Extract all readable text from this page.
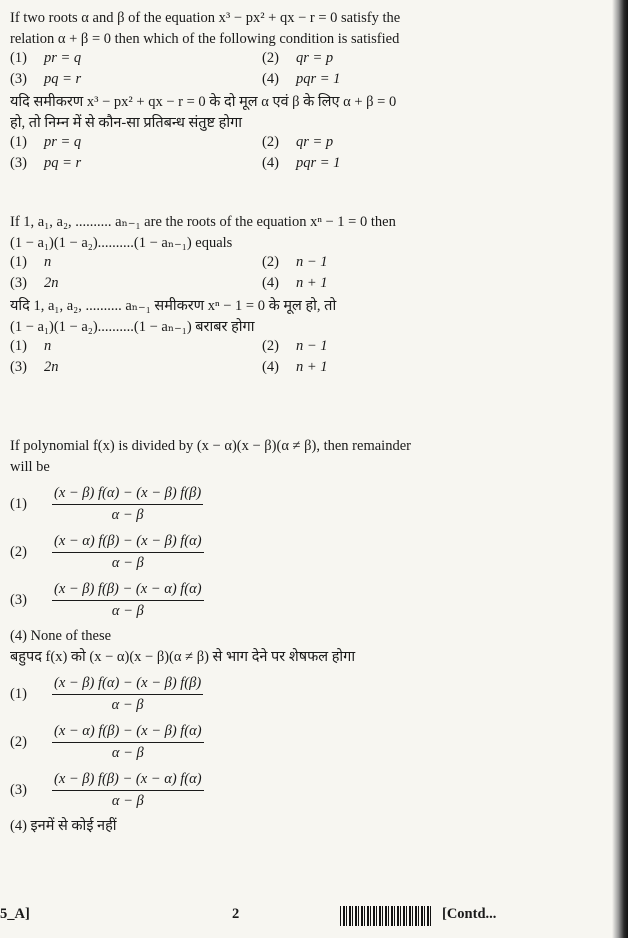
If two roots α and β of the equation x³ − px² + qx − r = 0 satisfy the
relation α + β = 0 then which of the following condition is satisfied
(1) pr = q	(2) qr = p
(3) pq = r	(4) pqr = 1
यदि समीकरण x³ − px² + qx − r = 0 के दो मूल α एवं β के लिए α + β = 0
हो, तो निम्न में से कौन-सा प्रतिबन्ध संतुष्ट होगा
(1) pr = q	(2) qr = p
(3) pq = r	(4) pqr = 1
If 1, a₁, a₂, .......... aₙ₋₁ are the roots of the equation xⁿ − 1 = 0 then
(1 − a₁)(1 − a₂)..........(1 − aₙ₋₁) equals
(1) n	(2) n − 1
(3) 2n	(4) n + 1
यदि 1, a₁, a₂, .......... aₙ₋₁ समीकरण xⁿ − 1 = 0 के मूल हो, तो
(1 − a₁)(1 − a₂)..........(1 − aₙ₋₁) बराबर होगा
(1) n	(2) n − 1
(3) 2n	(4) n + 1
If polynomial f(x) is divided by (x − α)(x − β)(α ≠ β), then remainder
will be
(1)	$\frac{(x - \beta) f(\alpha) - (x - \beta) f(\beta)}{\alpha - \beta}$
(2)	$\frac{(x - \alpha) f(\beta) - (x - \beta) f(\alpha)}{\alpha - \beta}$
(3)	$\frac{(x - \beta) f(\beta) - (x - \alpha) f(\alpha)}{\alpha - \beta}$
(4) None of these
बहुपद f(x) को (x − α)(x − β)(α ≠ β) से भाग देने पर शेषफल होगा
(1)	$\frac{(x - \beta) f(\alpha) - (x - \beta) f(\beta)}{\alpha - \beta}$
(2)	$\frac{(x - \alpha) f(\beta) - (x - \beta) f(\alpha)}{\alpha - \beta}$
(3)	$\frac{(x - \beta) f(\beta) - (x - \alpha) f(\alpha)}{\alpha - \beta}$
(4) इनमें से कोई नहीं
5_A]	2	[Contd...
